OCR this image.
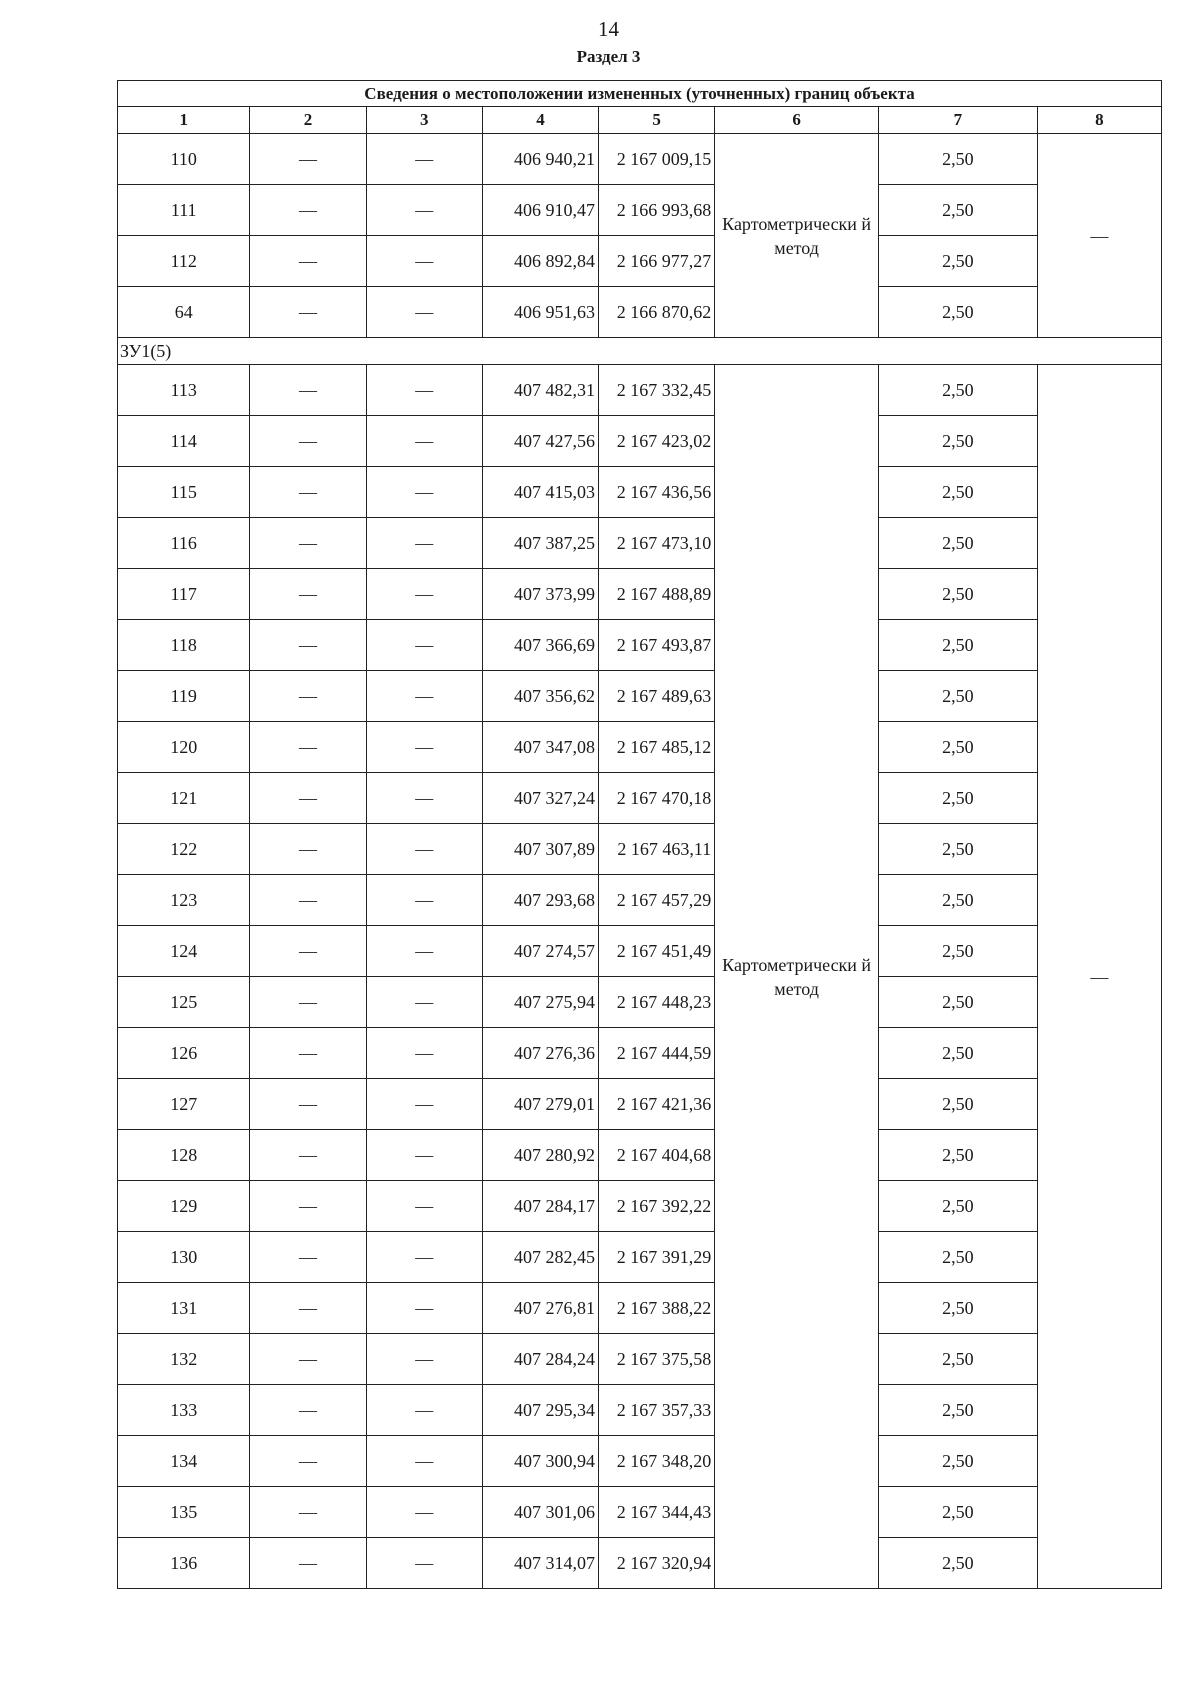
14
Раздел 3
Сведения о местоположении измененных (уточненных) границ объекта							
1	2	3	4	5	6	7	8
110	—	—	406 940,21	2 167 009,15	Картометрически й метод	2,50	—
111	—	—	406 910,47	2 166 993,68		2,50	
112	—	—	406 892,84	2 166 977,27		2,50	
64	—	—	406 951,63	2 166 870,62		2,50	
ЗУ1(5)							
113	—	—	407 482,31	2 167 332,45	Картометрически й метод	2,50	—
114	—	—	407 427,56	2 167 423,02		2,50	
115	—	—	407 415,03	2 167 436,56		2,50	
116	—	—	407 387,25	2 167 473,10		2,50	
117	—	—	407 373,99	2 167 488,89		2,50	
118	—	—	407 366,69	2 167 493,87		2,50	
119	—	—	407 356,62	2 167 489,63		2,50	
120	—	—	407 347,08	2 167 485,12		2,50	
121	—	—	407 327,24	2 167 470,18		2,50	
122	—	—	407 307,89	2 167 463,11		2,50	
123	—	—	407 293,68	2 167 457,29		2,50	
124	—	—	407 274,57	2 167 451,49		2,50	
125	—	—	407 275,94	2 167 448,23		2,50	
126	—	—	407 276,36	2 167 444,59		2,50	
127	—	—	407 279,01	2 167 421,36		2,50	
128	—	—	407 280,92	2 167 404,68		2,50	
129	—	—	407 284,17	2 167 392,22		2,50	
130	—	—	407 282,45	2 167 391,29		2,50	
131	—	—	407 276,81	2 167 388,22		2,50	
132	—	—	407 284,24	2 167 375,58		2,50	
133	—	—	407 295,34	2 167 357,33		2,50	
134	—	—	407 300,94	2 167 348,20		2,50	
135	—	—	407 301,06	2 167 344,43		2,50	
136	—	—	407 314,07	2 167 320,94		2,50	
